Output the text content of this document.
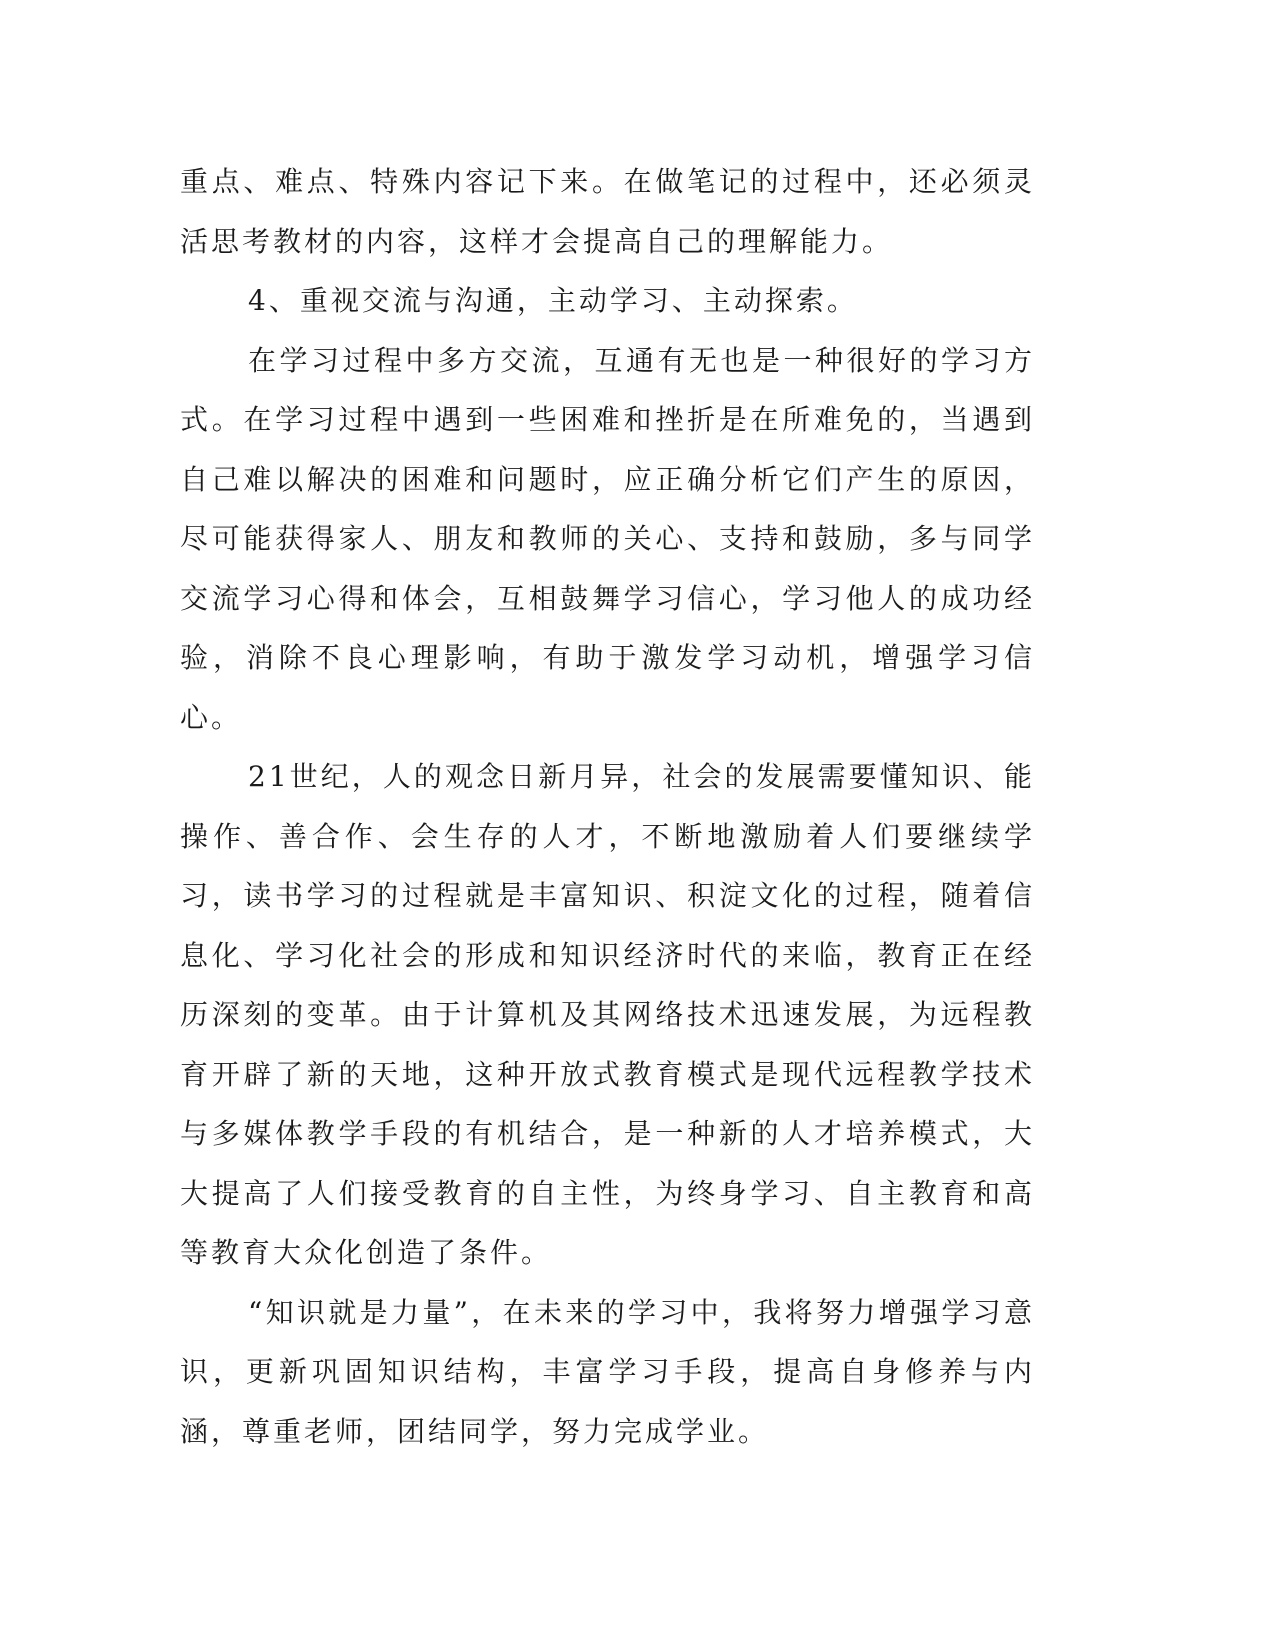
重点、难点、特殊内容记下来。在做笔记的过程中，还必须灵活思考教材的内容，这样才会提高自己的理解能力。

4、重视交流与沟通，主动学习、主动探索。

在学习过程中多方交流，互通有无也是一种很好的学习方式。在学习过程中遇到一些困难和挫折是在所难免的，当遇到自己难以解决的困难和问题时，应正确分析它们产生的原因，尽可能获得家人、朋友和教师的关心、支持和鼓励，多与同学交流学习心得和体会，互相鼓舞学习信心，学习他人的成功经验，消除不良心理影响，有助于激发学习动机，增强学习信心。

21世纪，人的观念日新月异，社会的发展需要懂知识、能操作、善合作、会生存的人才，不断地激励着人们要继续学习，读书学习的过程就是丰富知识、积淀文化的过程，随着信息化、学习化社会的形成和知识经济时代的来临，教育正在经历深刻的变革。由于计算机及其网络技术迅速发展，为远程教育开辟了新的天地，这种开放式教育模式是现代远程教学技术与多媒体教学手段的有机结合，是一种新的人才培养模式，大大提高了人们接受教育的自主性，为终身学习、自主教育和高等教育大众化创造了条件。

“知识就是力量”，在未来的学习中，我将努力增强学习意识，更新巩固知识结构，丰富学习手段，提高自身修养与内涵，尊重老师，团结同学，努力完成学业。
